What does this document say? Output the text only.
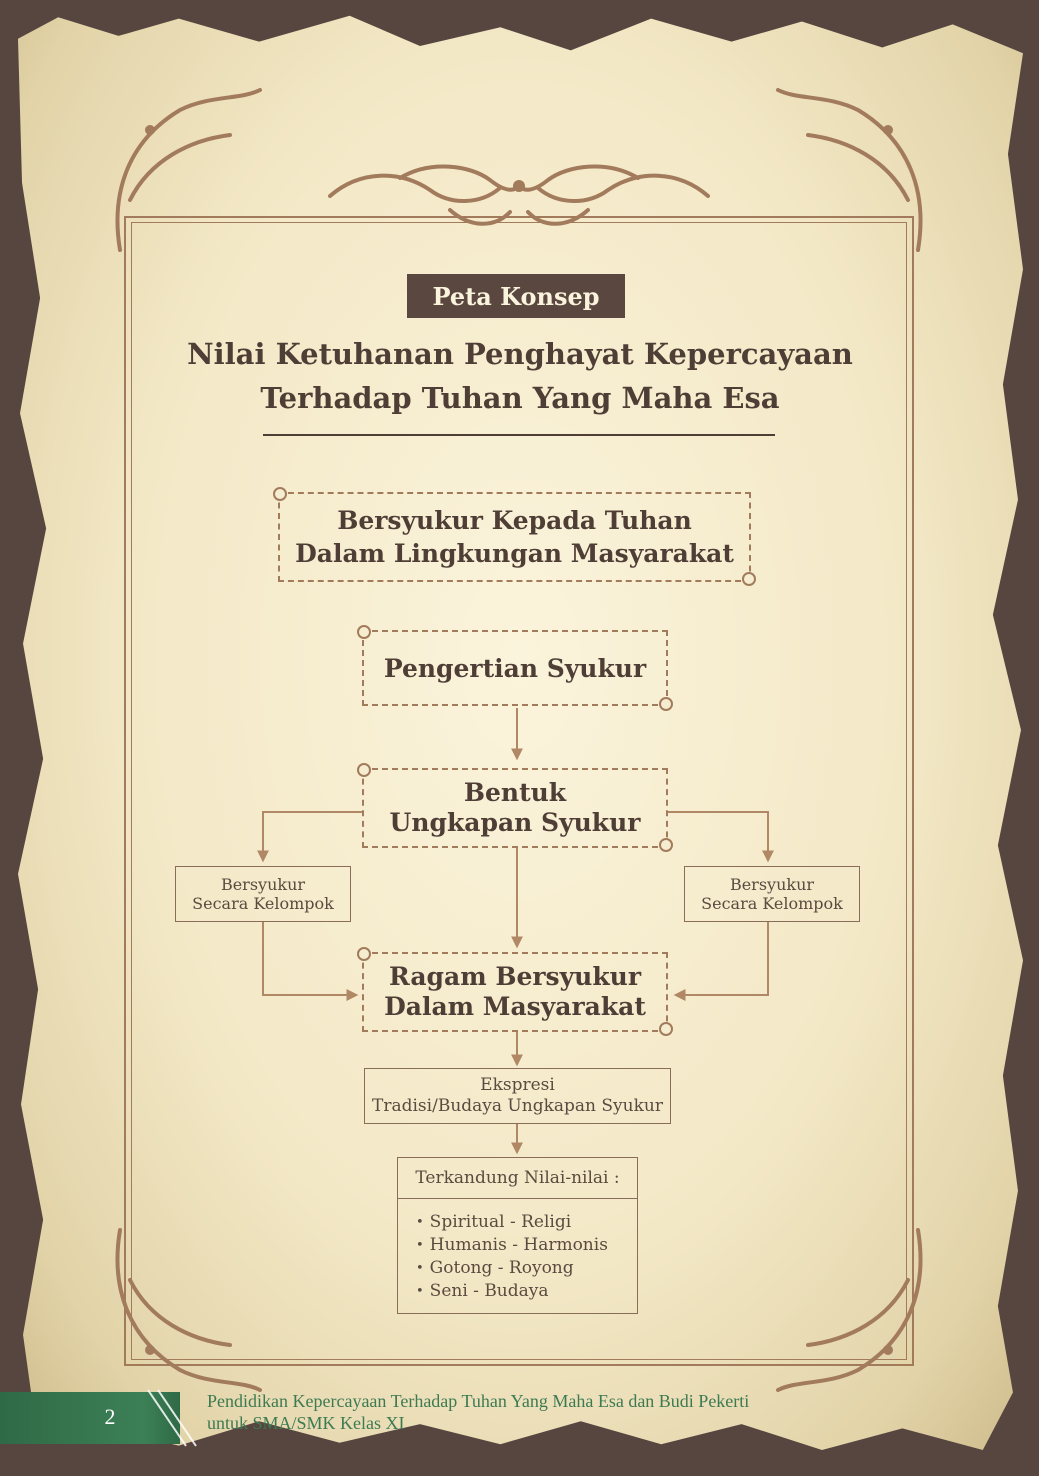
Peta Konsep
Nilai Ketuhanan Penghayat Kepercayaan
Terhadap Tuhan Yang Maha Esa
Bersyukur Kepada Tuhan
Dalam Lingkungan Masyarakat
Pengertian Syukur
Bentuk
Ungkapan Syukur
Bersyukur
Secara Kelompok
Bersyukur
Secara Kelompok
Ragam Bersyukur
Dalam Masyarakat
Ekspresi
Tradisi/Budaya Ungkapan Syukur
Terkandung Nilai-nilai :
• Spiritual - Religi
• Humanis - Harmonis
• Gotong - Royong
• Seni - Budaya
2
Pendidikan Kepercayaan Terhadap Tuhan Yang Maha Esa dan Budi Pekerti
untuk SMA/SMK Kelas XI
